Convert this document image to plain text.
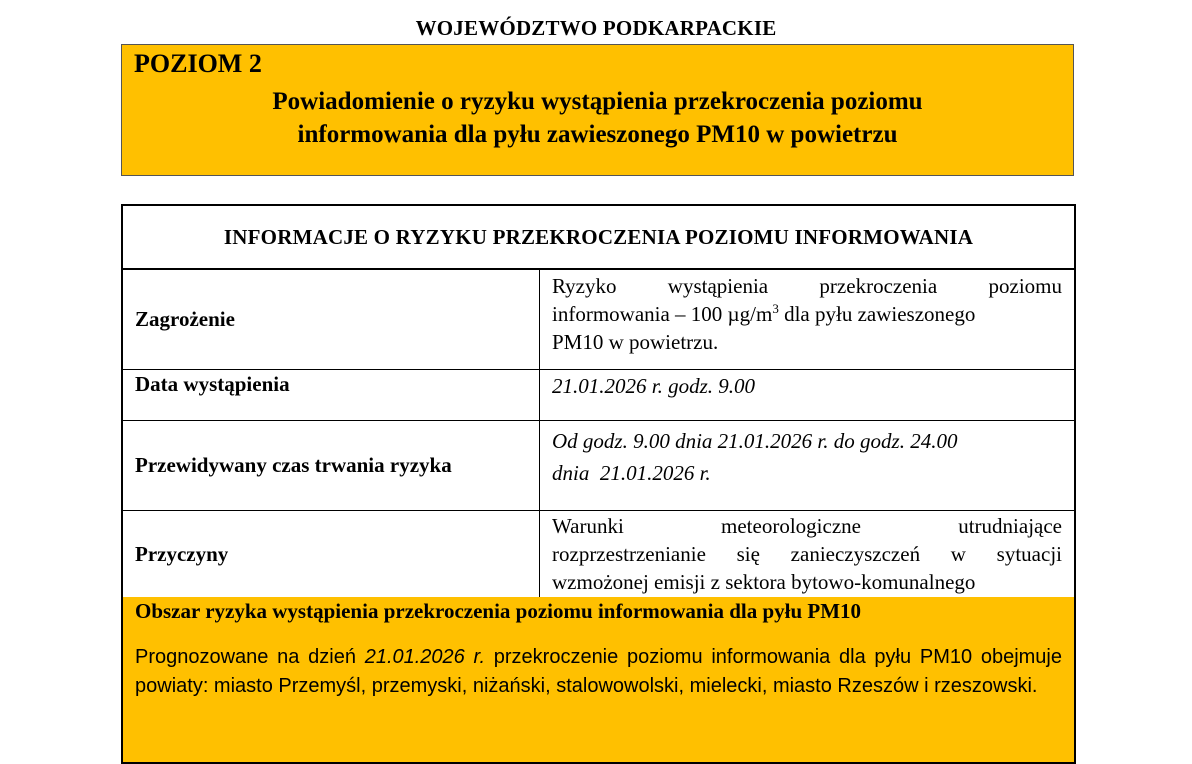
WOJEWÓDZTWO PODKARPACKIE
POZIOM 2
Powiadomienie o ryzyku wystąpienia przekroczenia poziomu
informowania dla pyłu zawieszonego PM10 w powietrzu
INFORMACJE O RYZYKU PRZEKROCZENIA POZIOMU INFORMOWANIA
Zagrożenie
Ryzyko wystąpienia przekroczenia poziomu
informowania – 100 $\mu g/m^3$ dla pyłu zawieszonego
PM10 w powietrzu.
Data wystąpienia	21.01.2026 r. godz. 9.00
Przewidywany czas trwania ryzyka
Od godz. 9.00 dnia 21.01.2026 r. do godz. 24.00
dnia  21.01.2026 r.
Przyczyny
Warunki meteorologiczne utrudniające
rozprzestrzenianie się zanieczyszczeń w sytuacji
wzmożonej emisji z sektora bytowo-komunalnego
Obszar ryzyka wystąpienia przekroczenia poziomu informowania dla pyłu PM10
Prognozowane na dzień 21.01.2026 r. przekroczenie poziomu informowania dla pyłu PM10 obejmuje powiaty: miasto Przemyśl, przemyski, niżański, stalowowolski, mielecki, miasto Rzeszów i rzeszowski.
